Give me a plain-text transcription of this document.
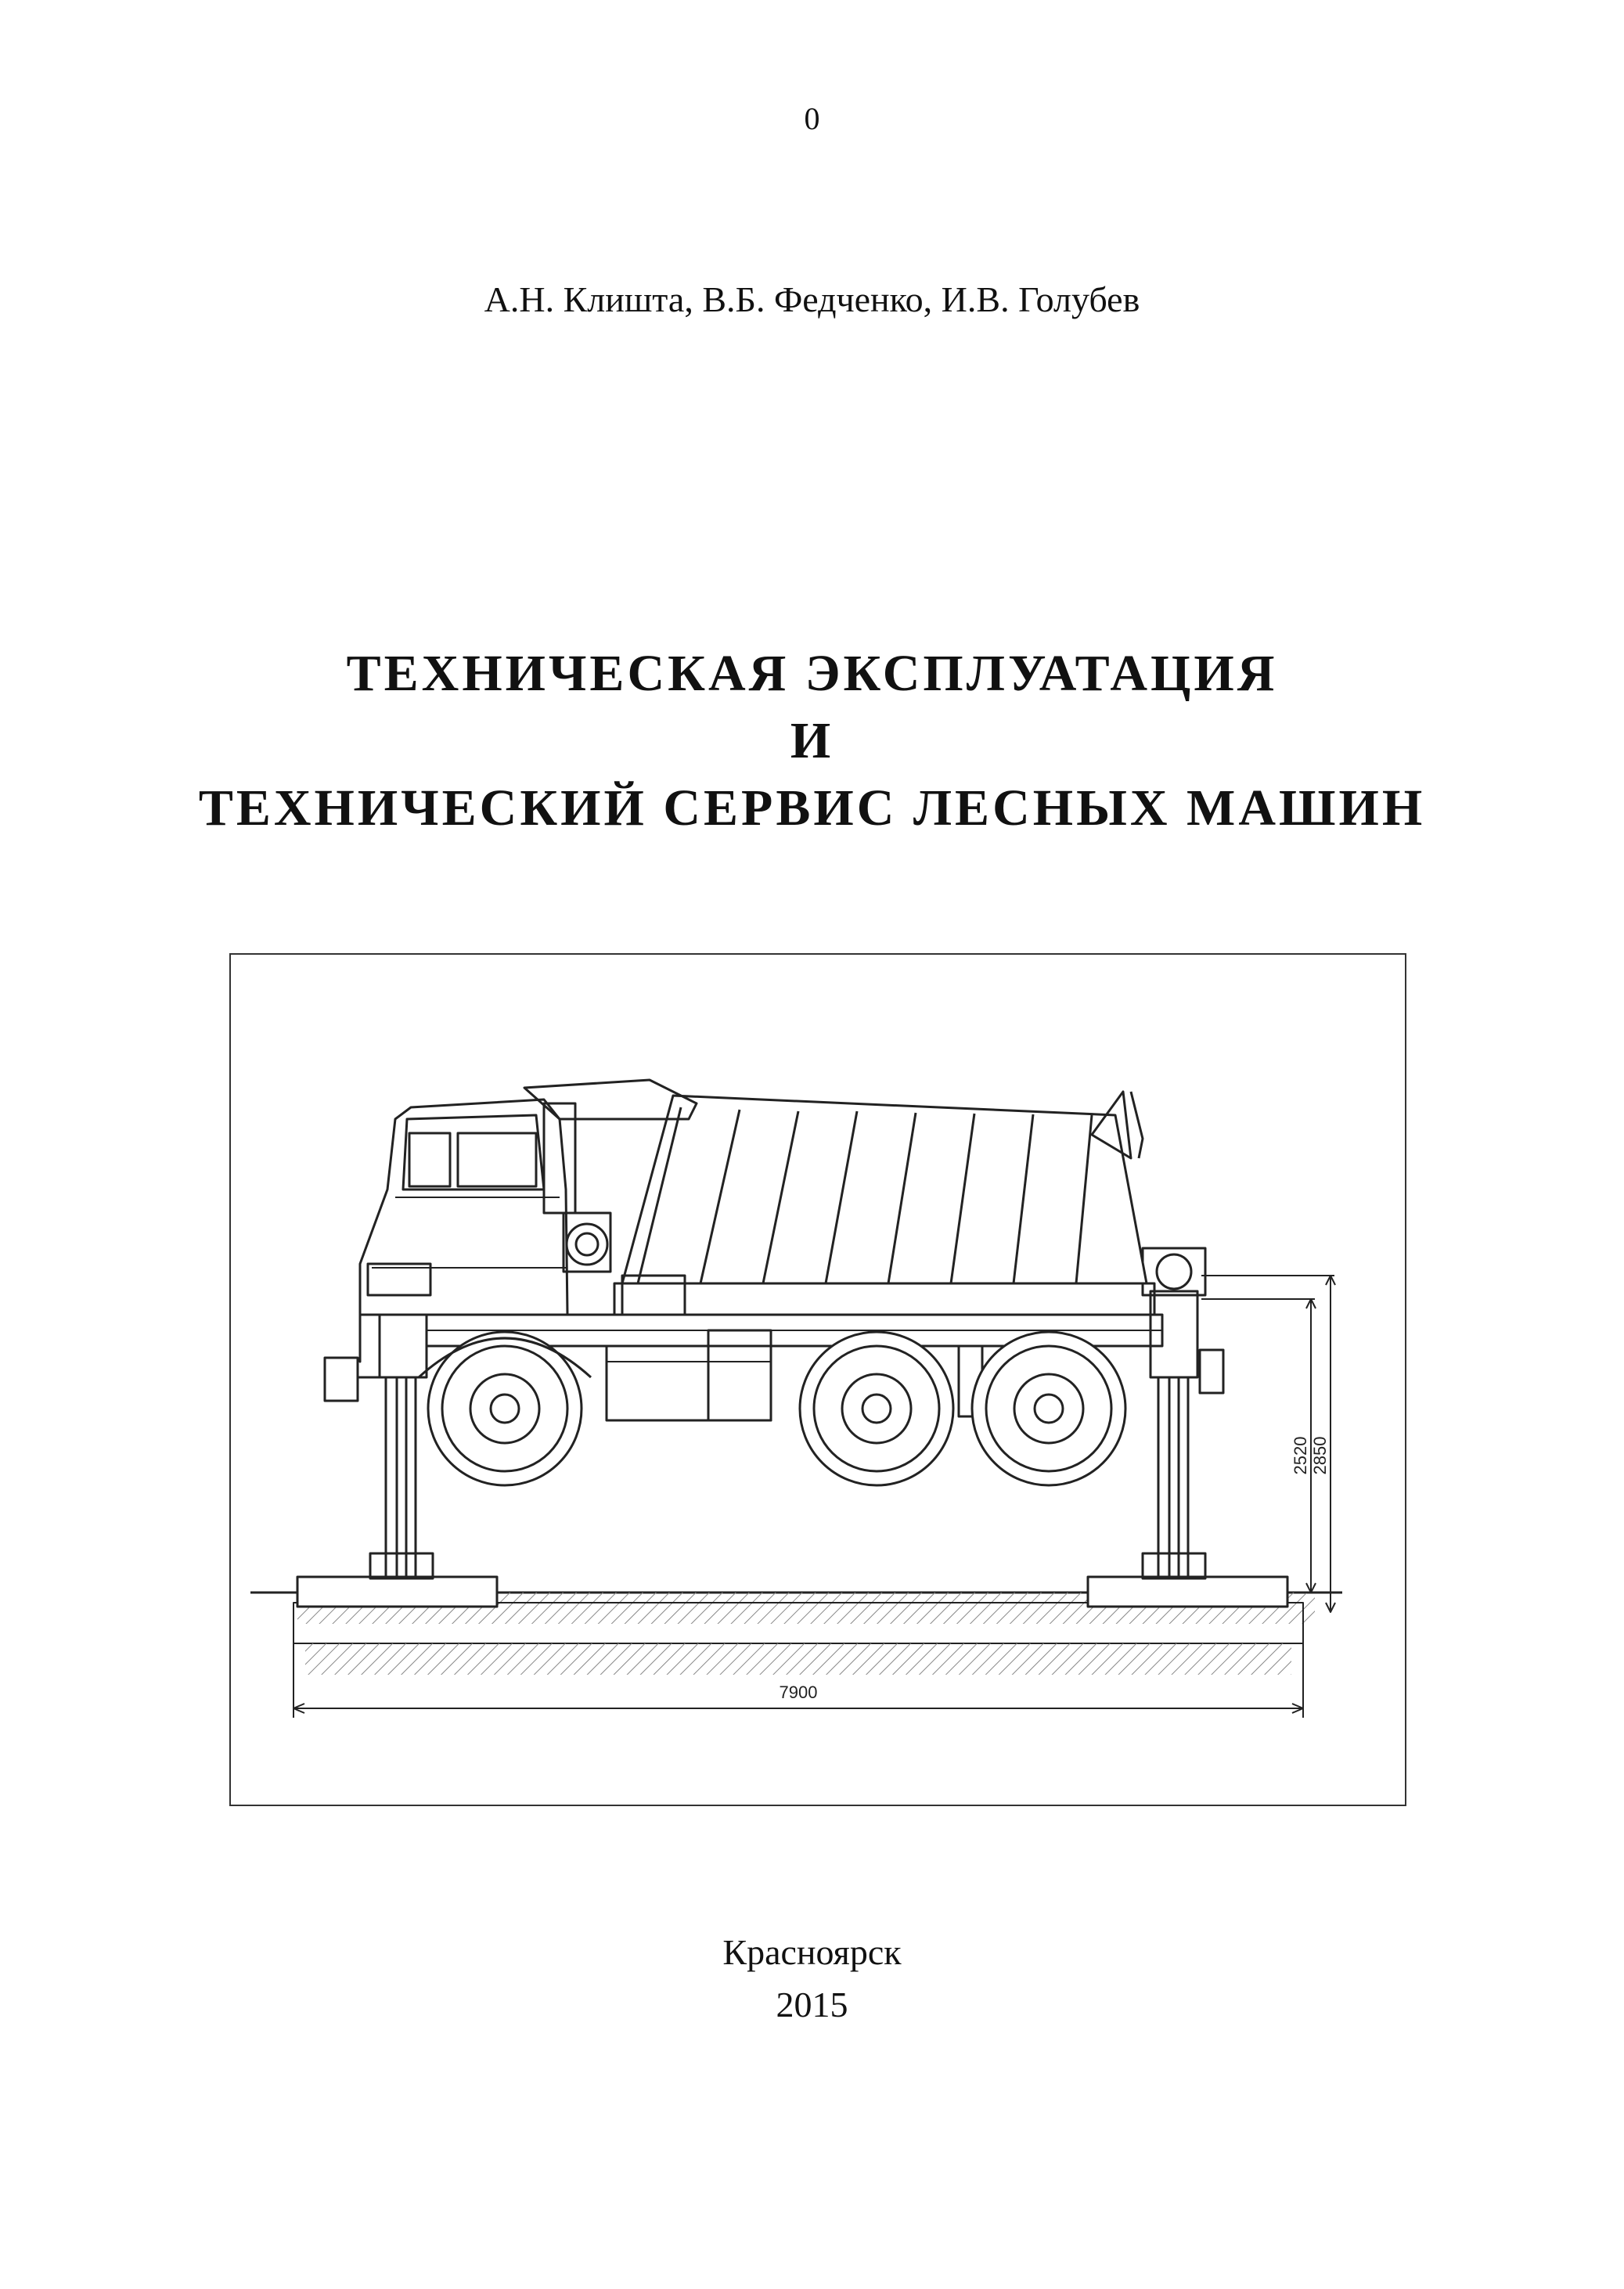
0
А.Н. Клишта, В.Б. Федченко, И.В. Голубев
ТЕХНИЧЕСКАЯ ЭКСПЛУАТАЦИЯ
И
ТЕХНИЧЕСКИЙ СЕРВИС ЛЕСНЫХ МАШИН
7900
2520 2850
Красноярск
2015
